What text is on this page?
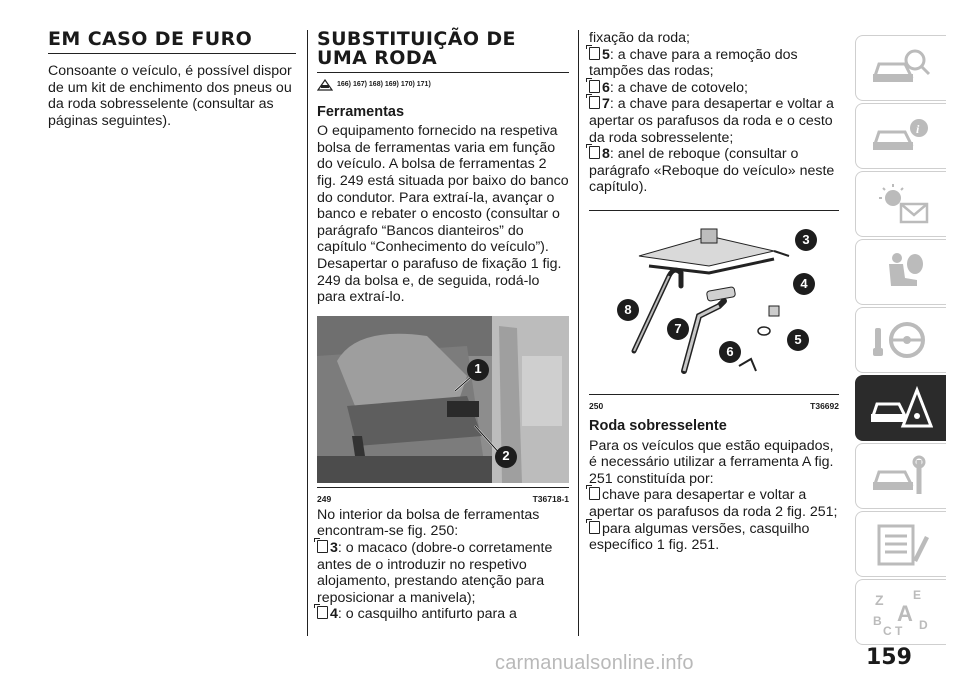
EM CASO DE FURO

Consoante o veículo, é possível dispor de um kit de enchimento dos pneus ou da roda sobresselente (consultar as páginas seguintes).

SUBSTITUIÇÃO DE
UMA RODA
166) 167) 168) 169) 170) 171)
Ferramentas

O equipamento fornecido na respetiva bolsa de ferramentas varia em função do veículo. A bolsa de ferramentas 2 fig. 249 está situada por baixo do banco do condutor. Para extraí-la, avançar o banco e rebater o encosto (consultar o parágrafo “Bancos dianteiros” do capítulo “Conhecimento do veículo”). Desapertar o parafuso de fixação 1 fig. 249 da bolsa e, de seguida, rodá-lo para extraí-lo.

1
2
249	T36718-1

No interior da bolsa de ferramentas encontram-se fig. 250:

3: o macaco (dobre-o corretamente antes de o introduzir no respetivo alojamento, prestando atenção para reposicionar a manivela);
4: o casquilho antifurto para a

fixação da roda;

5: a chave para a remoção dos tampões das rodas;
6: a chave de cotovelo;
7: a chave para desapertar e voltar a apertar os parafusos da roda e o cesto da roda sobresselente;
8: anel de reboque (consultar o parágrafo «Reboque do veículo» neste capítulo).
3
4
5
6
7
8
250	T36692
Roda sobresselente

Para os veículos que estão equipados, é necessário utilizar a ferramenta A fig. 251 constituída por:

chave para desapertar e voltar a apertar os parafusos da roda 2 fig. 251;
para algumas versões, casquilho específico 1 fig. 251.
i
Z E
A
B
C T D
159
carmanualsonline.info
